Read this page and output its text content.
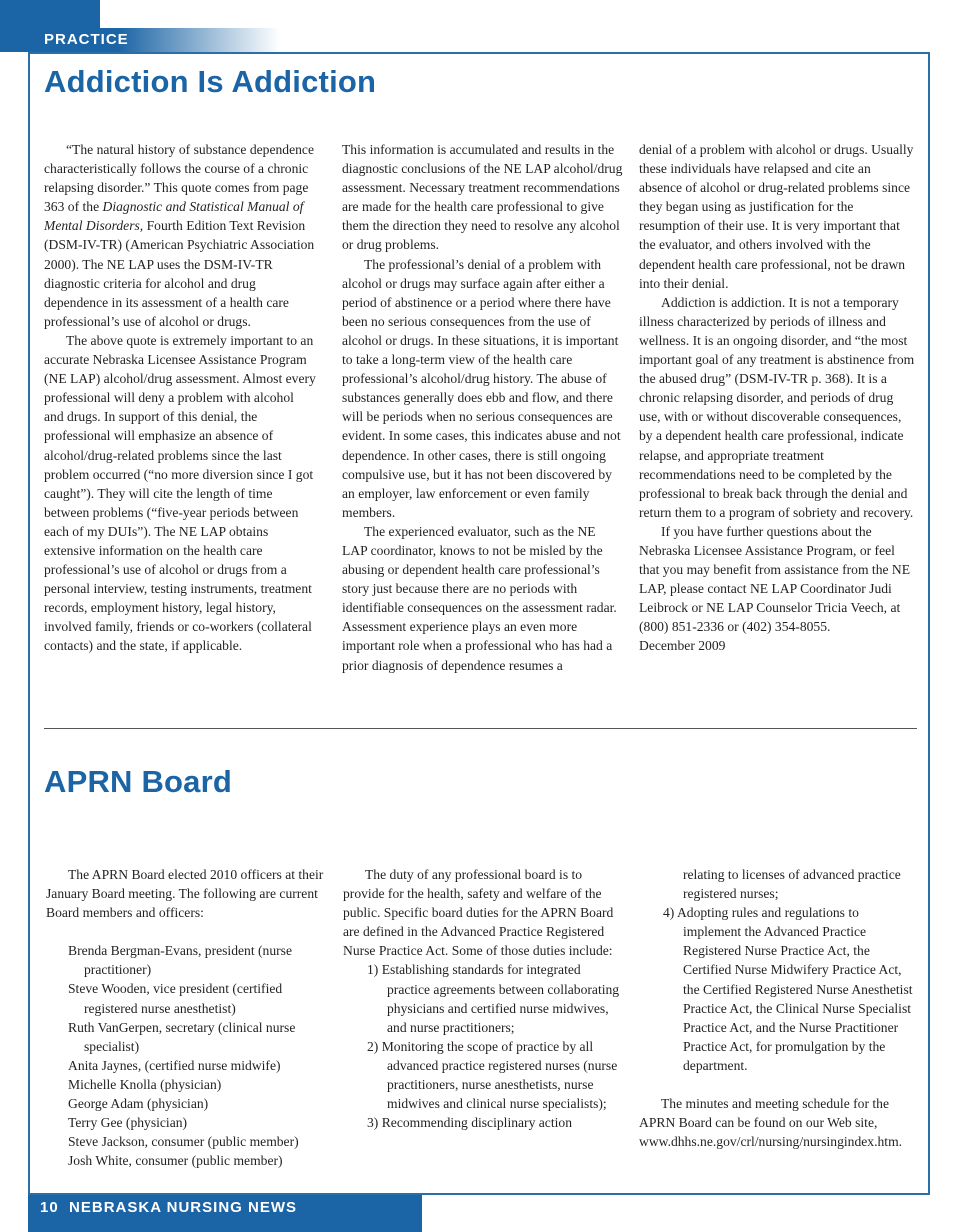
PRACTICE
Addiction Is Addiction

“The natural history of substance dependence characteristically follows the course of a chronic relapsing disorder.” This quote comes from page 363 of the Diagnostic and Statistical Manual of Mental Disorders, Fourth Edition Text Revision (DSM-IV-TR) (American Psychiatric Association 2000). The NE LAP uses the DSM-IV-TR diagnostic criteria for alcohol and drug dependence in its assessment of a health care professional’s use of alcohol or drugs.

The above quote is extremely important to an accurate Nebraska Licensee Assistance Program (NE LAP) alcohol/drug assessment. Almost every professional will deny a problem with alcohol and drugs. In support of this denial, the professional will emphasize an absence of alcohol/drug-related problems since the last problem occurred (“no more diversion since I got caught”). They will cite the length of time between problems (“five-year periods between each of my DUIs”). The NE LAP obtains extensive information on the health care professional’s use of alcohol or drugs from a personal interview, testing instruments, treatment records, employment history, legal history, involved family, friends or co-workers (collateral contacts) and the state, if applicable.

This information is accumulated and results in the diagnostic conclusions of the NE LAP alcohol/drug assessment. Necessary treatment recommendations are made for the health care professional to give them the direction they need to resolve any alcohol or drug problems.

The professional’s denial of a problem with alcohol or drugs may surface again after either a period of abstinence or a period where there have been no serious consequences from the use of alcohol or drugs. In these situations, it is important to take a long-term view of the health care professional’s alcohol/drug history. The abuse of substances generally does ebb and flow, and there will be periods when no serious consequences are evident. In some cases, this indicates abuse and not dependence. In other cases, there is still ongoing compulsive use, but it has not been discovered by an employer, law enforcement or even family members.

The experienced evaluator, such as the NE LAP coordinator, knows to not be misled by the abusing or dependent health care professional’s story just because there are no periods with identifiable consequences on the assessment radar. Assessment experience plays an even more important role when a professional who has had a prior diagnosis of dependence resumes a

denial of a problem with alcohol or drugs. Usually these individuals have relapsed and cite an absence of alcohol or drug-related problems since they began using as justification for the resumption of their use. It is very important that the evaluator, and others involved with the dependent health care professional, not be drawn into their denial.

Addiction is addiction. It is not a temporary illness characterized by periods of illness and wellness. It is an ongoing disorder, and “the most important goal of any treatment is abstinence from the abused drug” (DSM-IV-TR p. 368). It is a chronic relapsing disorder, and periods of drug use, with or without discoverable consequences, by a dependent health care professional, indicate relapse, and appropriate treatment recommendations need to be completed by the professional to break back through the denial and return them to a program of sobriety and recovery.

If you have further questions about the Nebraska Licensee Assistance Program, or feel that you may benefit from assistance from the NE LAP, please contact NE LAP Coordinator Judi Leibrock or NE LAP Counselor Tricia Veech, at (800) 851-2336 or (402) 354-8055.

December 2009

APRN Board

The APRN Board elected 2010 officers at their January Board meeting. The following are current Board members and officers:

Brenda Bergman-Evans, president (nurse practitioner)

Steve Wooden, vice president (certified registered nurse anesthetist)

Ruth VanGerpen, secretary (clinical nurse specialist)

Anita Jaynes, (certified nurse midwife)

Michelle Knolla (physician)

George Adam (physician)

Terry Gee (physician)

Steve Jackson, consumer (public member)

Josh White, consumer (public member)

The duty of any professional board is to provide for the health, safety and welfare of the public. Specific board duties for the APRN Board are defined in the Advanced Practice Registered Nurse Practice Act. Some of those duties include:

1) Establishing standards for integrated practice agreements between collaborating physicians and certified nurse midwives, and nurse practitioners;

2) Monitoring the scope of practice by all advanced practice registered nurses (nurse practitioners, nurse anesthetists, nurse midwives and clinical nurse specialists);

3) Recommending disciplinary action

relating to licenses of advanced practice registered nurses;

4) Adopting rules and regulations to implement the Advanced Practice Registered Nurse Practice Act, the Certified Nurse Midwifery Practice Act, the Certified Registered Nurse Anesthetist Practice Act, the Clinical Nurse Specialist Practice Act, and the Nurse Practitioner Practice Act, for promulgation by the department.

The minutes and meeting schedule for the APRN Board can be found on our Web site, www.dhhs.ne.gov/crl/nursing/nursingindex.htm.

10 NEBRASKA NURSING NEWS
